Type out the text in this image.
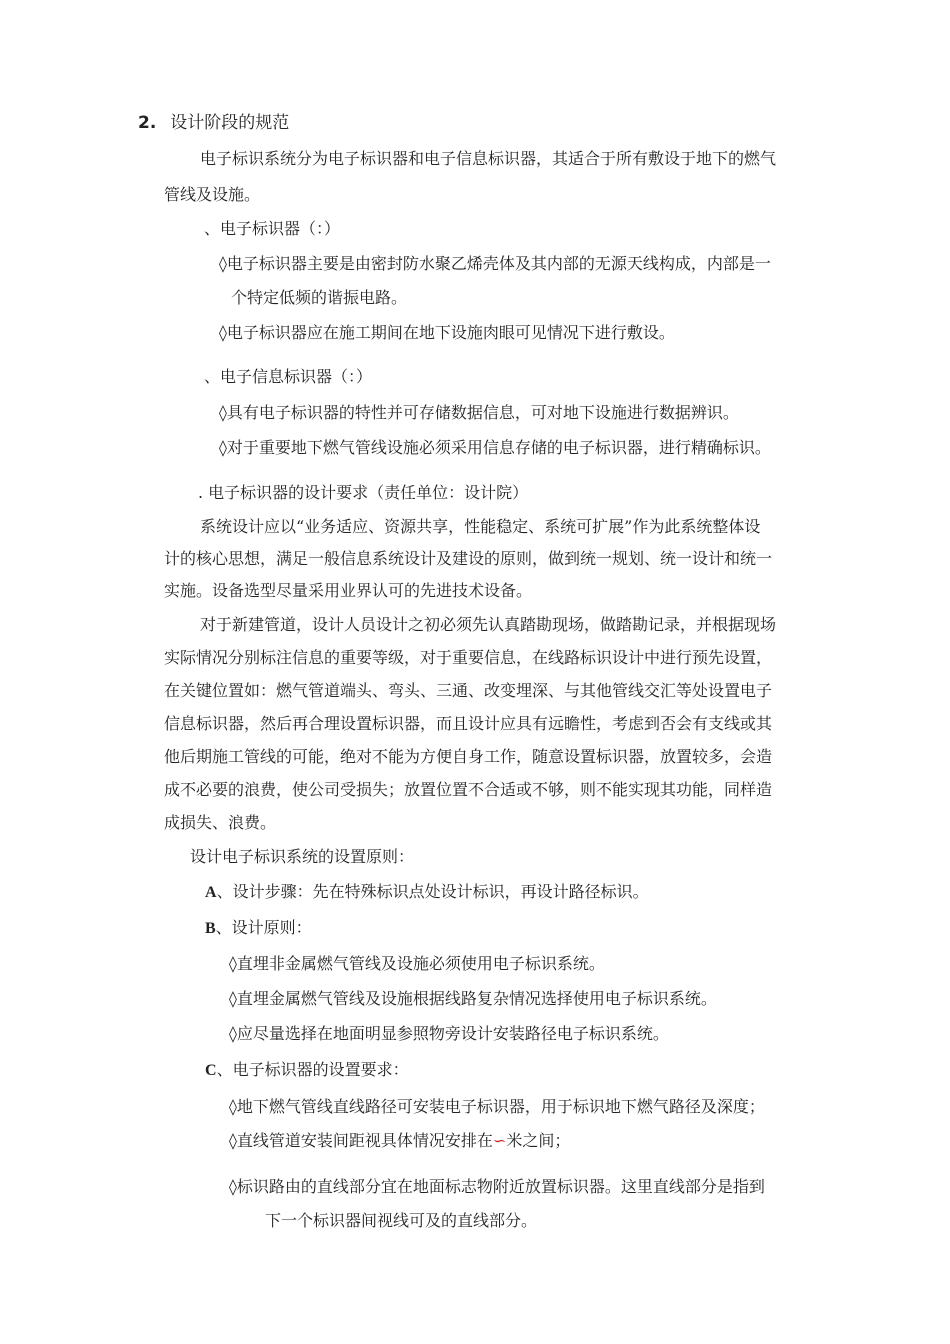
2. 设计阶段的规范
电子标识系统分为电子标识器和电子信息标识器，其适合于所有敷设于地下的燃气
管线及设施。
、电子标识器（：）
◊电子标识器主要是由密封防水聚乙烯壳体及其内部的无源天线构成，内部是一
个特定低频的谐振电路。
◊电子标识器应在施工期间在地下设施肉眼可见情况下进行敷设。
、电子信息标识器（：）
◊具有电子标识器的特性并可存储数据信息，可对地下设施进行数据辨识。
◊对于重要地下燃气管线设施必须采用信息存储的电子标识器，进行精确标识。
. 电子标识器的设计要求（责任单位：设计院）
系统设计应以“业务适应、资源共享，性能稳定、系统可扩展”作为此系统整体设
计的核心思想，满足一般信息系统设计及建设的原则，做到统一规划、统一设计和统一
实施。设备选型尽量采用业界认可的先进技术设备。
对于新建管道，设计人员设计之初必须先认真踏勘现场，做踏勘记录，并根据现场
实际情况分别标注信息的重要等级，对于重要信息，在线路标识设计中进行预先设置，
在关键位置如：燃气管道端头、弯头、三通、改变埋深、与其他管线交汇等处设置电子
信息标识器，然后再合理设置标识器，而且设计应具有远瞻性，考虑到否会有支线或其
他后期施工管线的可能，绝对不能为方便自身工作，随意设置标识器，放置较多，会造
成不必要的浪费，使公司受损失；放置位置不合适或不够，则不能实现其功能，同样造
成损失、浪费。
设计电子标识系统的设置原则：
A、设计步骤：先在特殊标识点处设计标识，再设计路径标识。
B、设计原则：
◊直埋非金属燃气管线及设施必须使用电子标识系统。
◊直埋金属燃气管线及设施根据线路复杂情况选择使用电子标识系统。
◊应尽量选择在地面明显参照物旁设计安装路径电子标识系统。
C、电子标识器的设置要求：
◊地下燃气管线直线路径可安装电子标识器，用于标识地下燃气路径及深度；
◊直线管道安装间距视具体情况安排在∽米之间；
◊标识路由的直线部分宜在地面标志物附近放置标识器。这里直线部分是指到
下一个标识器间视线可及的直线部分。
